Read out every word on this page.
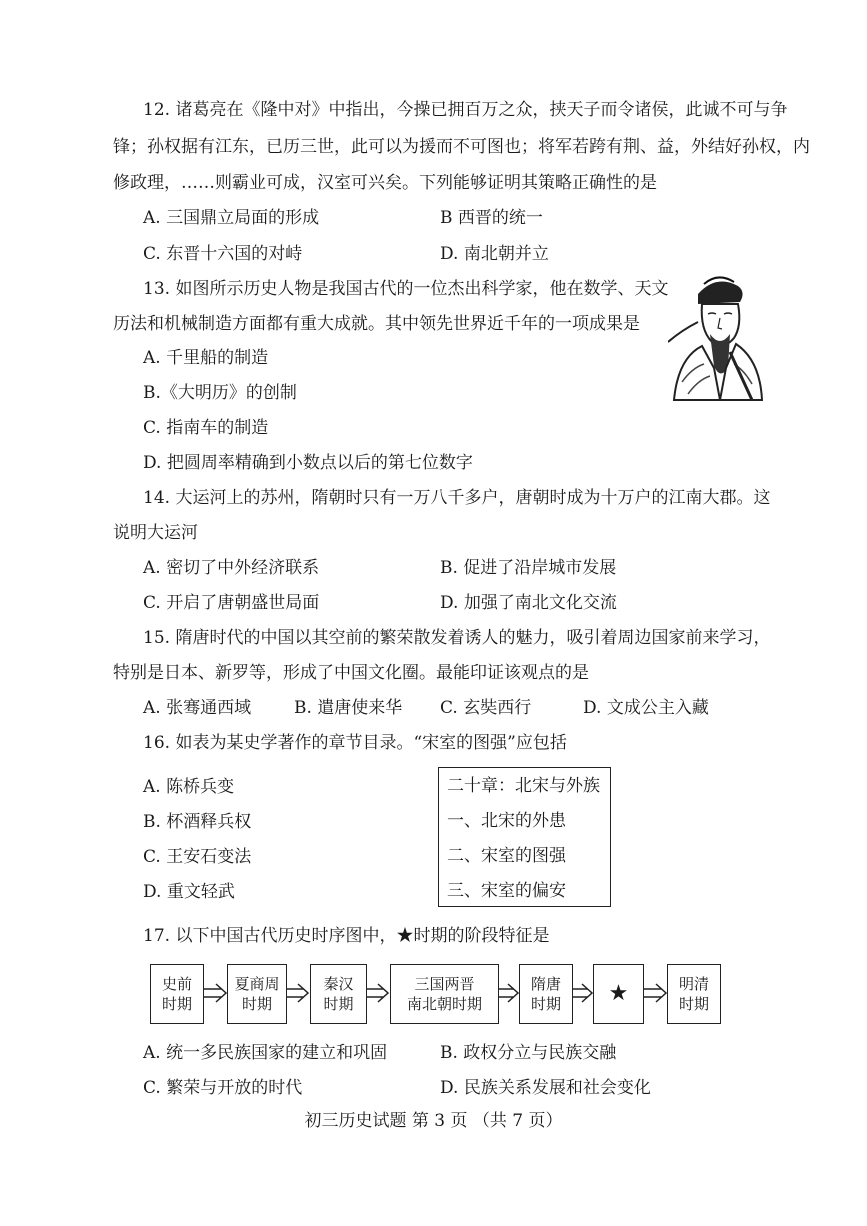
12. 诸葛亮在《隆中对》中指出，今操已拥百万之众，挟天子而令诸侯，此诚不可与争
锋；孙权据有江东，已历三世，此可以为援而不可图也；将军若跨有荆、益，外结好孙权，内
修政理，……则霸业可成，汉室可兴矣。下列能够证明其策略正确性的是
A. 三国鼎立局面的形成	B 西晋的统一
C. 东晋十六国的对峙	D. 南北朝并立
13. 如图所示历史人物是我国古代的一位杰出科学家，他在数学、天文
历法和机械制造方面都有重大成就。其中领先世界近千年的一项成果是
A. 千里船的制造
B.《大明历》的创制
C. 指南车的制造
D. 把圆周率精确到小数点以后的第七位数字
14. 大运河上的苏州，隋朝时只有一万八千多户，唐朝时成为十万户的江南大郡。这
说明大运河
A. 密切了中外经济联系	B. 促进了沿岸城市发展
C. 开启了唐朝盛世局面	D. 加强了南北文化交流
15. 隋唐时代的中国以其空前的繁荣散发着诱人的魅力，吸引着周边国家前来学习，
特别是日本、新罗等，形成了中国文化圈。最能印证该观点的是
A. 张骞通西域	B. 遣唐使来华 C. 玄奘西行	D. 文成公主入藏
16. 如表为某史学著作的章节目录。“宋室的图强”应包括
A. 陈桥兵变
B. 杯酒释兵权
C. 王安石变法
D. 重文轻武
二十章：北宋与外族
一、北宋的外患
二、宋室的图强
三、宋室的偏安
17. 以下中国古代历史时序图中，★时期的阶段特征是
史前
时期
夏商周
时期
秦汉
时期
三国两晋
南北朝时期
隋唐
时期 ★	明清
时期
A. 统一多民族国家的建立和巩固	B. 政权分立与民族交融
C. 繁荣与开放的时代	D. 民族关系发展和社会变化
初三历史试题 第 3 页 （共 7 页）
